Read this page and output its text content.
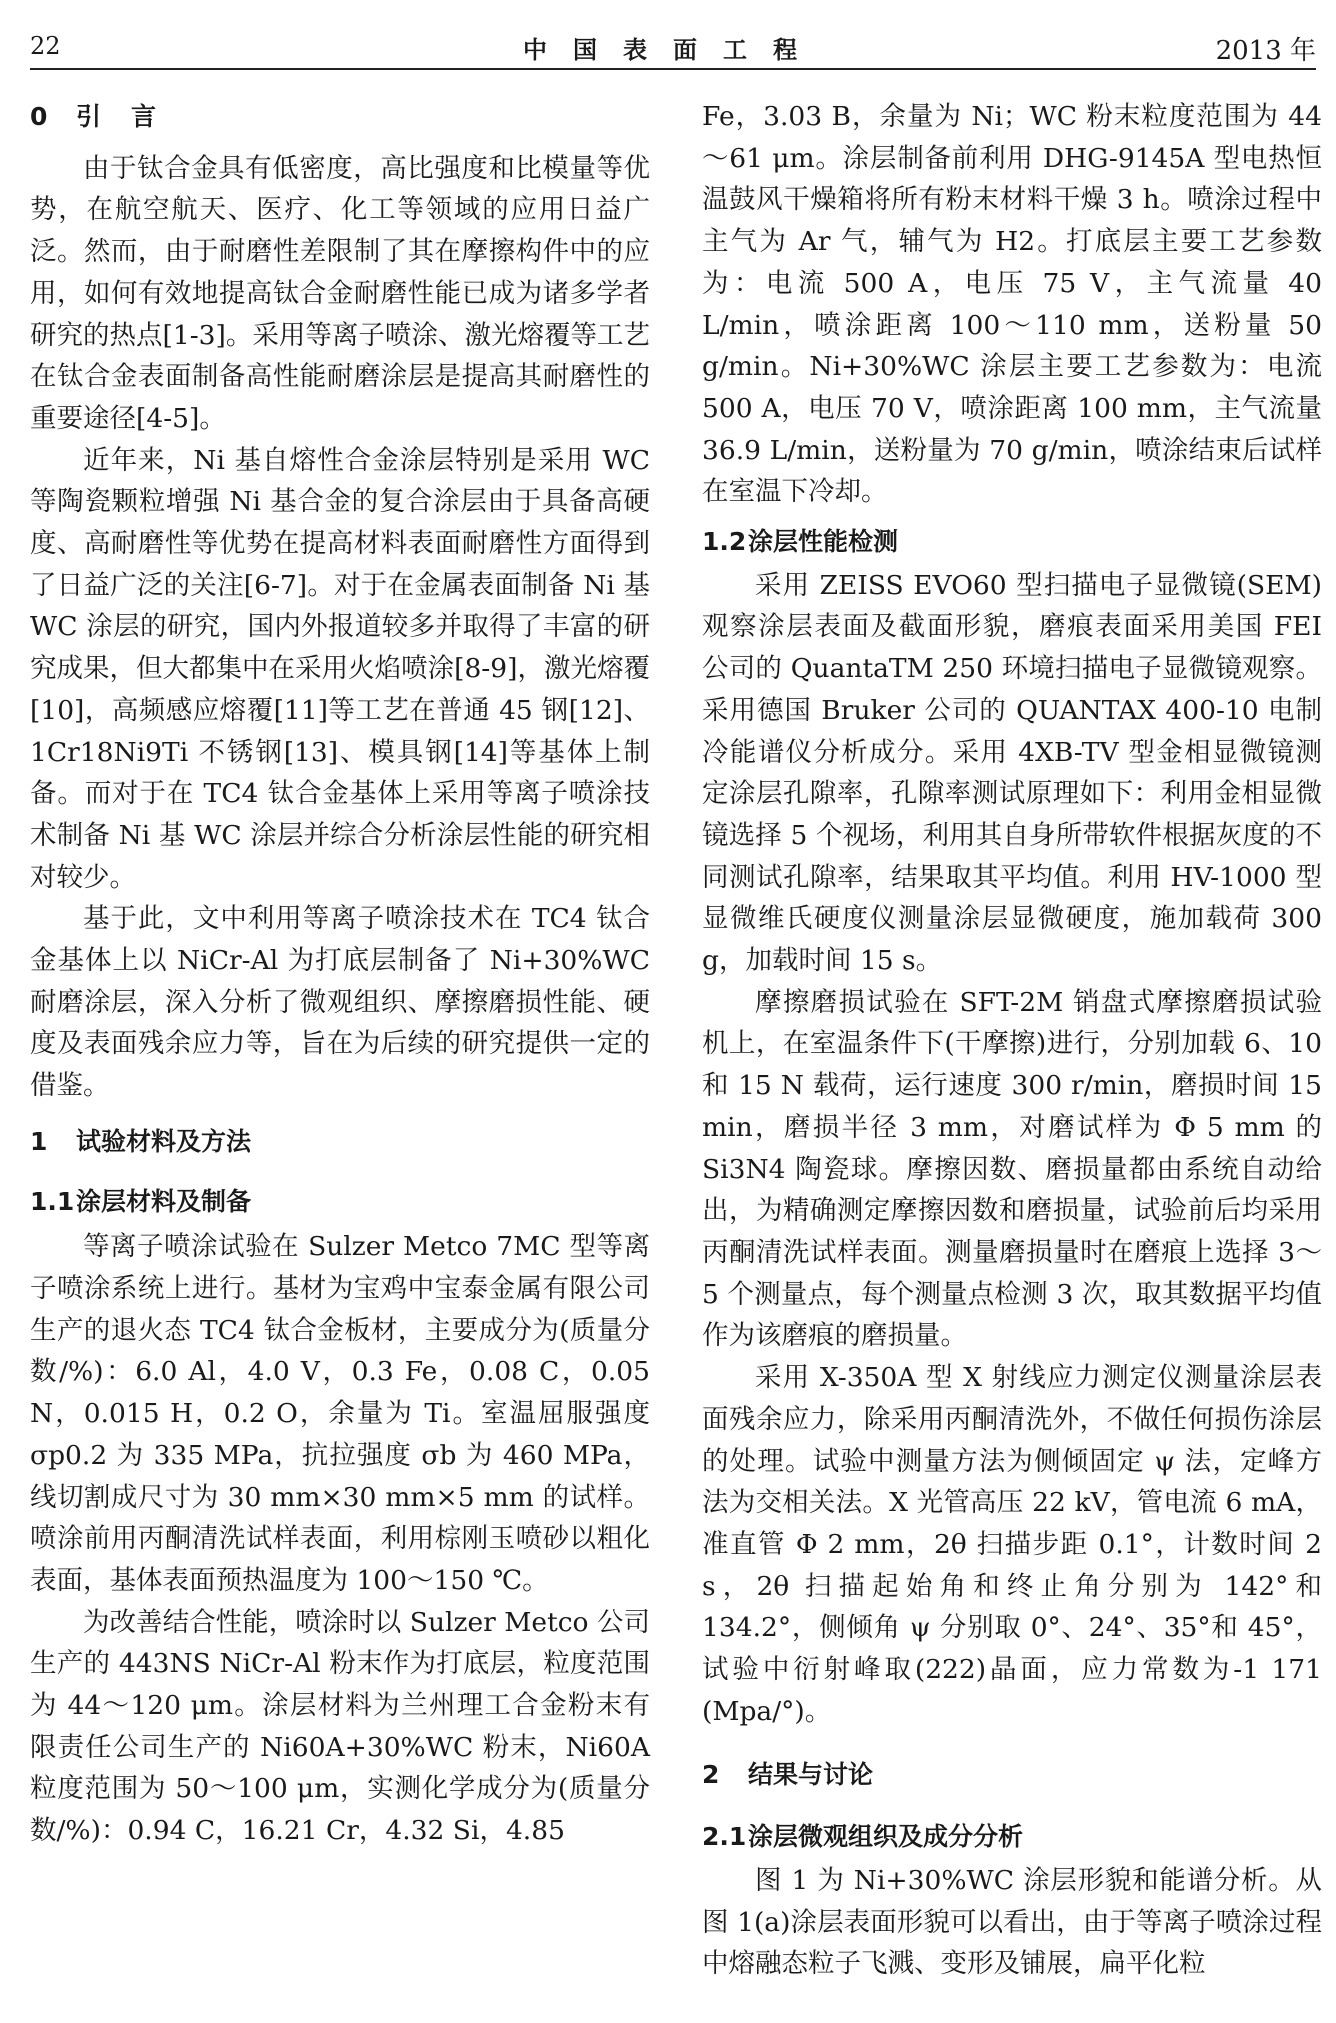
22	中国表面工程	2013 年
0 引 言

由于钛合金具有低密度，高比强度和比模量等优势，在航空航天、医疗、化工等领域的应用日益广泛。然而，由于耐磨性差限制了其在摩擦构件中的应用，如何有效地提高钛合金耐磨性能已成为诸多学者研究的热点[1-3]。采用等离子喷涂、激光熔覆等工艺在钛合金表面制备高性能耐磨涂层是提高其耐磨性的重要途径[4-5]。

近年来，Ni 基自熔性合金涂层特别是采用 WC 等陶瓷颗粒增强 Ni 基合金的复合涂层由于具备高硬度、高耐磨性等优势在提高材料表面耐磨性方面得到了日益广泛的关注[6-7]。对于在金属表面制备 Ni 基 WC 涂层的研究，国内外报道较多并取得了丰富的研究成果，但大都集中在采用火焰喷涂[8-9]，激光熔覆[10]，高频感应熔覆[11]等工艺在普通 45 钢[12]、1Cr18Ni9Ti 不锈钢[13]、模具钢[14]等基体上制备。而对于在 TC4 钛合金基体上采用等离子喷涂技术制备 Ni 基 WC 涂层并综合分析涂层性能的研究相对较少。

基于此，文中利用等离子喷涂技术在 TC4 钛合金基体上以 NiCr-Al 为打底层制备了 Ni+30%WC 耐磨涂层，深入分析了微观组织、摩擦磨损性能、硬度及表面残余应力等，旨在为后续的研究提供一定的借鉴。

1 试验材料及方法
1.1涂层材料及制备

等离子喷涂试验在 Sulzer Metco 7MC 型等离子喷涂系统上进行。基材为宝鸡中宝泰金属有限公司生产的退火态 TC4 钛合金板材，主要成分为(质量分数/%)：6.0 Al，4.0 V，0.3 Fe，0.08 C，0.05 N，0.015 H，0.2 O，余量为 Ti。室温屈服强度 σp0.2 为 335 MPa，抗拉强度 σb 为 460 MPa，线切割成尺寸为 30 mm×30 mm×5 mm 的试样。喷涂前用丙酮清洗试样表面，利用棕刚玉喷砂以粗化表面，基体表面预热温度为 100～150 ℃。

为改善结合性能，喷涂时以 Sulzer Metco 公司生产的 443NS NiCr-Al 粉末作为打底层，粒度范围为 44～120 μm。涂层材料为兰州理工合金粉末有限责任公司生产的 Ni60A+30%WC 粉末，Ni60A 粒度范围为 50～100 μm，实测化学成分为(质量分数/%)：0.94 C，16.21 Cr，4.32 Si，4.85

Fe，3.03 B，余量为 Ni；WC 粉末粒度范围为 44～61 μm。涂层制备前利用 DHG-9145A 型电热恒温鼓风干燥箱将所有粉末材料干燥 3 h。喷涂过程中主气为 Ar 气，辅气为 H2。打底层主要工艺参数为：电流 500 A，电压 75 V，主气流量 40 L/min，喷涂距离 100～110 mm，送粉量 50 g/min。Ni+30%WC 涂层主要工艺参数为：电流 500 A，电压 70 V，喷涂距离 100 mm，主气流量 36.9 L/min，送粉量为 70 g/min，喷涂结束后试样在室温下冷却。

1.2涂层性能检测

采用 ZEISS EVO60 型扫描电子显微镜(SEM)观察涂层表面及截面形貌，磨痕表面采用美国 FEI 公司的 QuantaTM 250 环境扫描电子显微镜观察。采用德国 Bruker 公司的 QUANTAX 400-10 电制冷能谱仪分析成分。采用 4XB-TV 型金相显微镜测定涂层孔隙率，孔隙率测试原理如下：利用金相显微镜选择 5 个视场，利用其自身所带软件根据灰度的不同测试孔隙率，结果取其平均值。利用 HV-1000 型显微维氏硬度仪测量涂层显微硬度，施加载荷 300 g，加载时间 15 s。

摩擦磨损试验在 SFT-2M 销盘式摩擦磨损试验机上，在室温条件下(干摩擦)进行，分别加载 6、10 和 15 N 载荷，运行速度 300 r/min，磨损时间 15 min，磨损半径 3 mm，对磨试样为 Φ 5 mm 的 Si3N4 陶瓷球。摩擦因数、磨损量都由系统自动给出，为精确测定摩擦因数和磨损量，试验前后均采用丙酮清洗试样表面。测量磨损量时在磨痕上选择 3～5 个测量点，每个测量点检测 3 次，取其数据平均值作为该磨痕的磨损量。

采用 X-350A 型 X 射线应力测定仪测量涂层表面残余应力，除采用丙酮清洗外，不做任何损伤涂层的处理。试验中测量方法为侧倾固定 ψ 法，定峰方法为交相关法。X 光管高压 22 kV，管电流 6 mA，准直管 Φ 2 mm，2θ 扫描步距 0.1°，计数时间 2 s，2θ 扫描起始角和终止角分别为 142°和 134.2°，侧倾角 ψ 分别取 0°、24°、35°和 45°，试验中衍射峰取(222)晶面，应力常数为-1 171 (Mpa/°)。

2 结果与讨论
2.1涂层微观组织及成分分析

图 1 为 Ni+30%WC 涂层形貌和能谱分析。从图 1(a)涂层表面形貌可以看出，由于等离子喷涂过程中熔融态粒子飞溅、变形及铺展，扁平化粒
